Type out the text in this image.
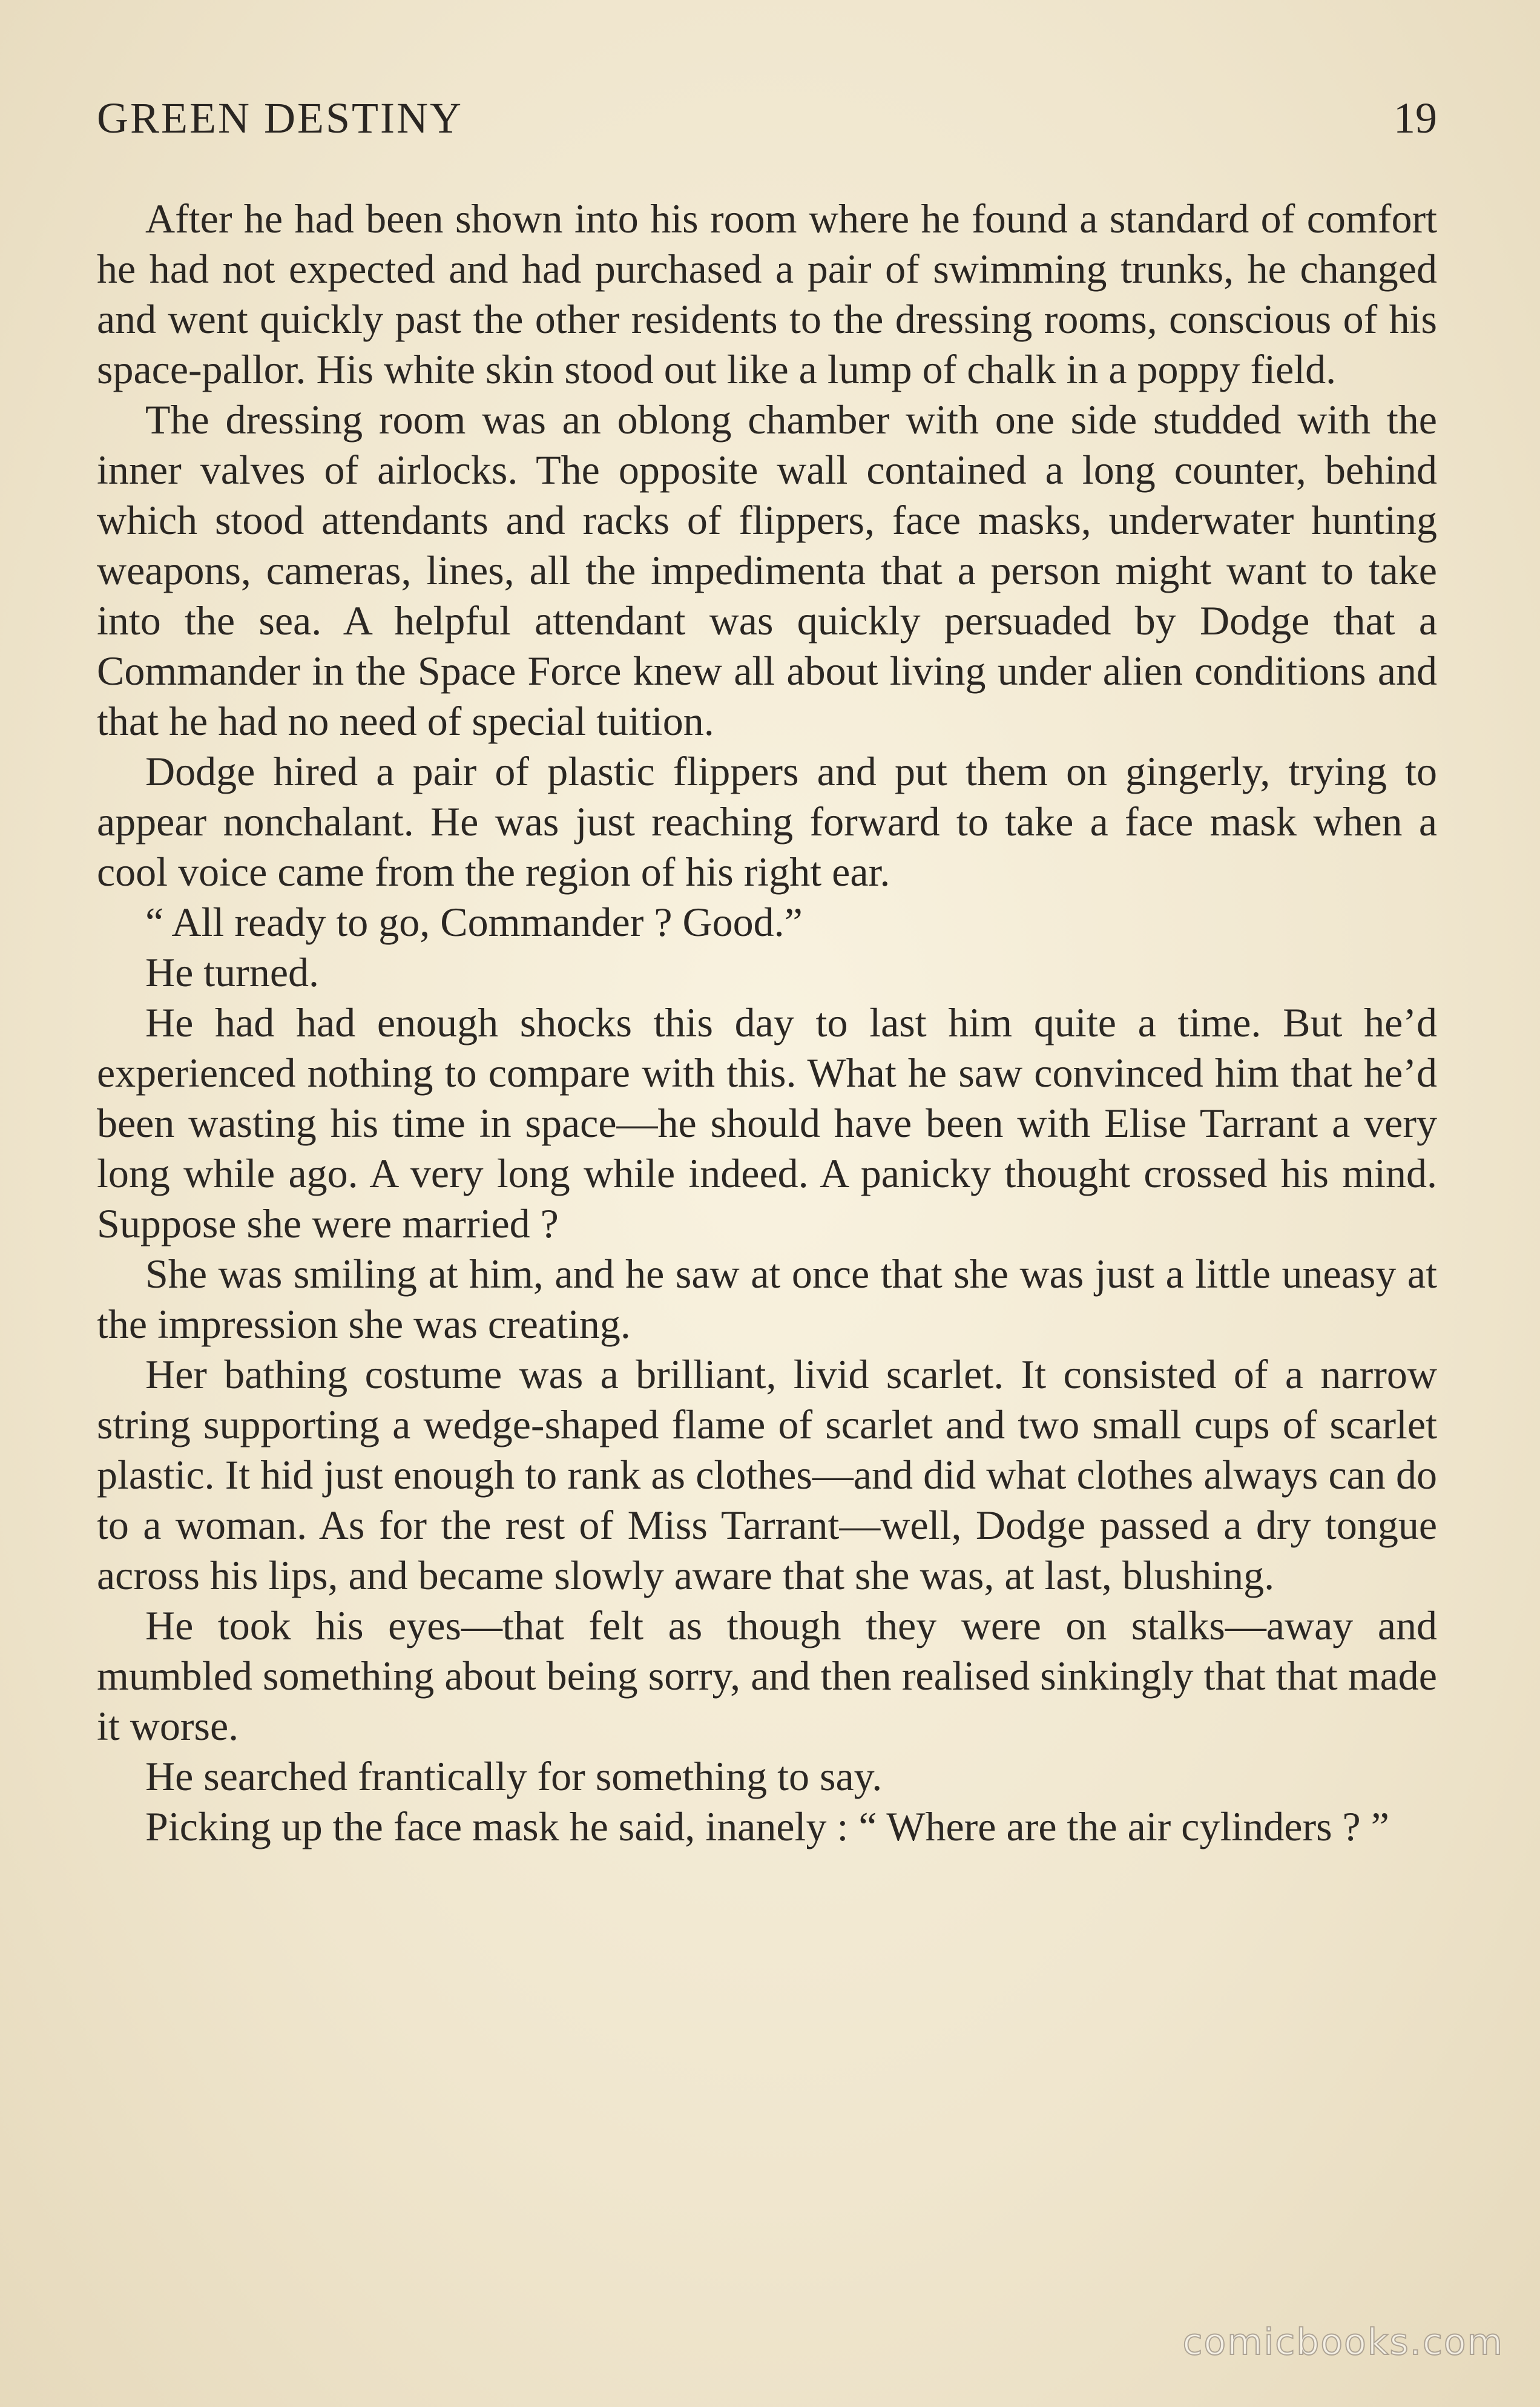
GREEN DESTINY	19

After he had been shown into his room where he found a standard of comfort he had not expected and had purchased a pair of swimming trunks, he changed and went quickly past the other residents to the dressing rooms, conscious of his space-pallor. His white skin stood out like a lump of chalk in a poppy field.

The dressing room was an oblong chamber with one side studded with the inner valves of airlocks. The opposite wall contained a long counter, behind which stood attendants and racks of flippers, face masks, underwater hunting weapons, cameras, lines, all the impedimenta that a person might want to take into the sea. A helpful attendant was quickly persuaded by Dodge that a Commander in the Space Force knew all about living under alien conditions and that he had no need of special tuition.

Dodge hired a pair of plastic flippers and put them on gingerly, trying to appear nonchalant. He was just reaching forward to take a face mask when a cool voice came from the region of his right ear.

“ All ready to go, Commander ? Good.”

He turned.

He had had enough shocks this day to last him quite a time. But he’d experienced nothing to compare with this. What he saw convinced him that he’d been wasting his time in space—he should have been with Elise Tarrant a very long while ago. A very long while indeed. A panicky thought crossed his mind. Suppose she were married ?

She was smiling at him, and he saw at once that she was just a little uneasy at the impression she was creating.

Her bathing costume was a brilliant, livid scarlet. It consisted of a narrow string supporting a wedge-shaped flame of scarlet and two small cups of scarlet plastic. It hid just enough to rank as clothes—and did what clothes always can do to a woman. As for the rest of Miss Tarrant—well, Dodge passed a dry tongue across his lips, and became slowly aware that she was, at last, blushing.

He took his eyes—that felt as though they were on stalks—away and mumbled something about being sorry, and then realised sinkingly that that made it worse.

He searched frantically for something to say.

Picking up the face mask he said, inanely : “ Where are the air cylinders ? ”

comicbooks.com
